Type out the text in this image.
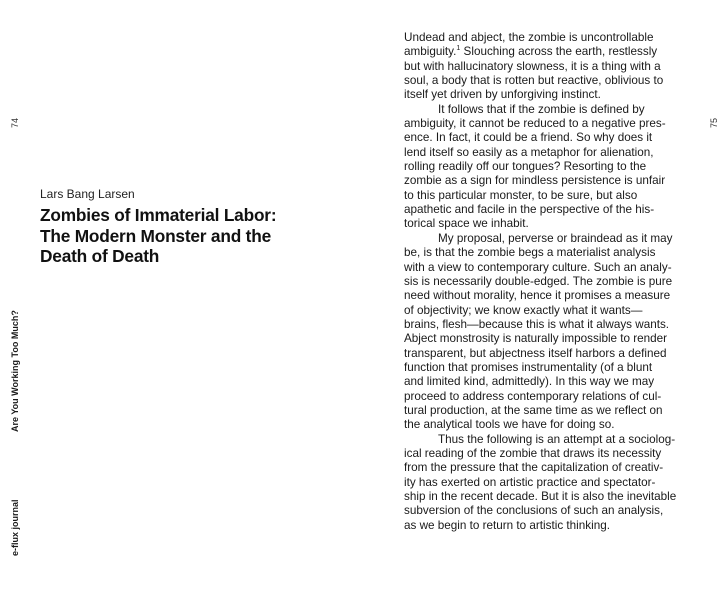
74
Are You Working Too Much?
e-flux journal
75
Lars Bang Larsen
Zombies of Immaterial Labor:
The Modern Monster and the
Death of Death

Undead and abject, the zombie is uncontrollable
ambiguity.$^1$ Slouching across the earth, restlessly
but with hallucinatory slowness, it is a thing with a
soul, a body that is rotten but reactive, oblivious to
itself yet driven by unforgiving instinct.

It follows that if the zombie is defined by
ambiguity, it cannot be reduced to a negative pres-
ence. In fact, it could be a friend. So why does it
lend itself so easily as a metaphor for alienation,
rolling readily off our tongues? Resorting to the
zombie as a sign for mindless persistence is unfair
to this particular monster, to be sure, but also
apathetic and facile in the perspective of the his-
torical space we inhabit.

My proposal, perverse or braindead as it may
be, is that the zombie begs a materialist analysis
with a view to contemporary culture. Such an analy-
sis is necessarily double-edged. The zombie is pure
need without morality, hence it promises a measure
of objectivity; we know exactly what it wants—
brains, flesh—because this is what it always wants.
Abject monstrosity is naturally impossible to render
transparent, but abjectness itself harbors a defined
function that promises instrumentality (of a blunt
and limited kind, admittedly). In this way we may
proceed to address contemporary relations of cul-
tural production, at the same time as we reflect on
the analytical tools we have for doing so.

Thus the following is an attempt at a sociolog-
ical reading of the zombie that draws its necessity
from the pressure that the capitalization of creativ-
ity has exerted on artistic practice and spectator-
ship in the recent decade. But it is also the inevitable
subversion of the conclusions of such an analysis,
as we begin to return to artistic thinking.
